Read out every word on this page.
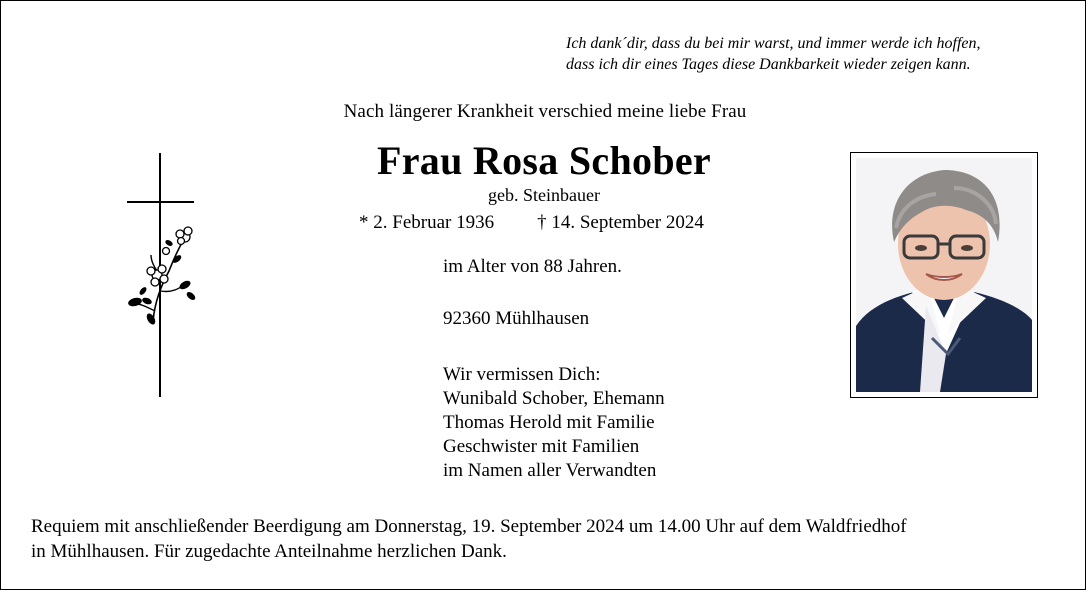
Ich dank´dir, dass du bei mir warst, und immer werde ich hoffen,
dass ich dir eines Tages diese Dankbarkeit wieder zeigen kann.
Nach längerer Krankheit verschied meine liebe Frau
Frau Rosa Schober
geb. Steinbauer
* 2. Februar 1936 † 14. September 2024
im Alter von 88 Jahren.
92360 Mühlhausen
Wir vermissen Dich:
Wunibald Schober, Ehemann
Thomas Herold mit Familie
Geschwister mit Familien
im Namen aller Verwandten
Requiem mit anschließender Beerdigung am Donnerstag, 19. September 2024 um 14.00 Uhr auf dem Waldfriedhof
in Mühlhausen. Für zugedachte Anteilnahme herzlichen Dank.
